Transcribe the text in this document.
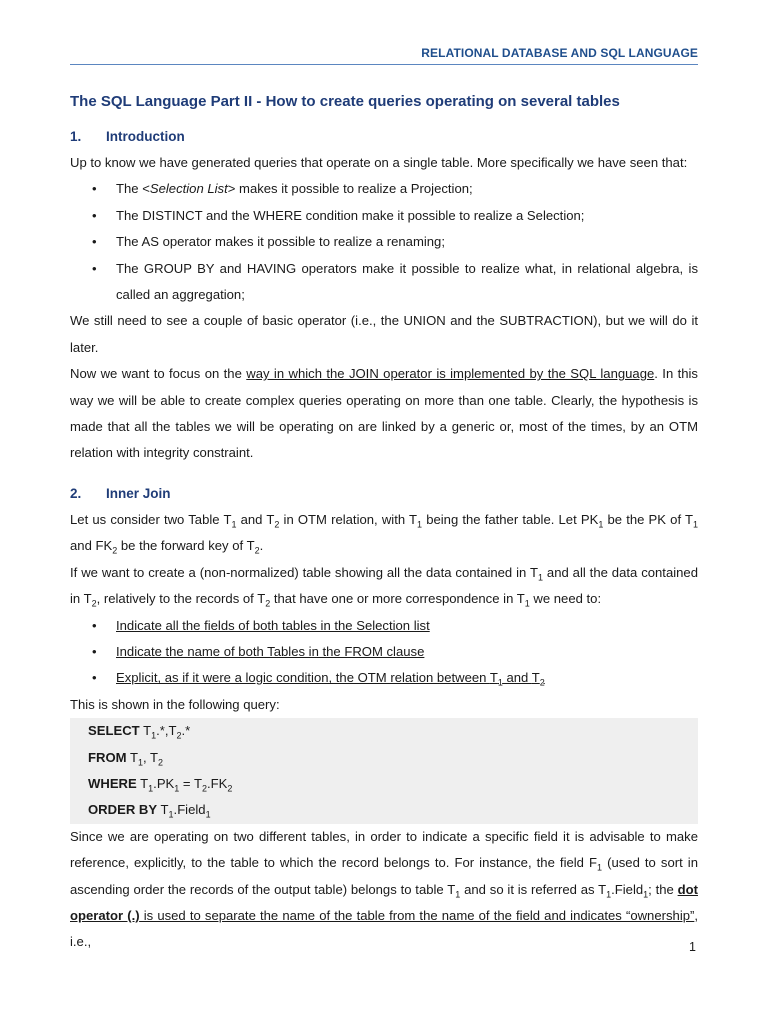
RELATIONAL DATABASE AND SQL LANGUAGE
The SQL Language Part II - How to create queries operating on several tables
1. Introduction

Up to know we have generated queries that operate on a single table. More specifically we have seen that:

• The <Selection List> makes it possible to realize a Projection;
• The DISTINCT and the WHERE condition make it possible to realize a Selection;
• The AS operator makes it possible to realize a renaming;
• The GROUP BY and HAVING operators make it possible to realize what, in relational algebra, is called an aggregation;

We still need to see a couple of basic operator (i.e., the UNION and the SUBTRACTION), but we will do it later.

Now we want to focus on the way in which the JOIN operator is implemented by the SQL language. In this way we will be able to create complex queries operating on more than one table. Clearly, the hypothesis is made that all the tables we will be operating on are linked by a generic or, most of the times, by an OTM relation with integrity constraint.

2. Inner Join

Let us consider two Table $T_1$ and $T_2$ in OTM relation, with $T_1$ being the father table. Let $PK_1$ be the PK of $T_1$ and $FK_2$ be the forward key of $T_2$.

If we want to create a (non-normalized) table showing all the data contained in $T_1$ and all the data contained in $T_2$, relatively to the records of $T_2$ that have one or more correspondence in $T_1$ we need to:

• Indicate all the fields of both tables in the Selection list
• Indicate the name of both Tables in the FROM clause
• Explicit, as if it were a logic condition, the OTM relation between $T_1$ and $T_2$

This is shown in the following query:

SELECT $T_1.*,T_2.*$
FROM $T_1$, $T_2$
WHERE $T_1.PK_1 = T_2.FK_2$
ORDER BY $T_1.Field_1$

Since we are operating on two different tables, in order to indicate a specific field it is advisable to make reference, explicitly, to the table to which the record belongs to. For instance, the field $F_1$ (used to sort in ascending order the records of the output table) belongs to table $T_1$ and so it is referred as $T_1.Field_1$; the dot operator (.) is used to separate the name of the table from the name of the field and indicates “ownership”, i.e.,	1
